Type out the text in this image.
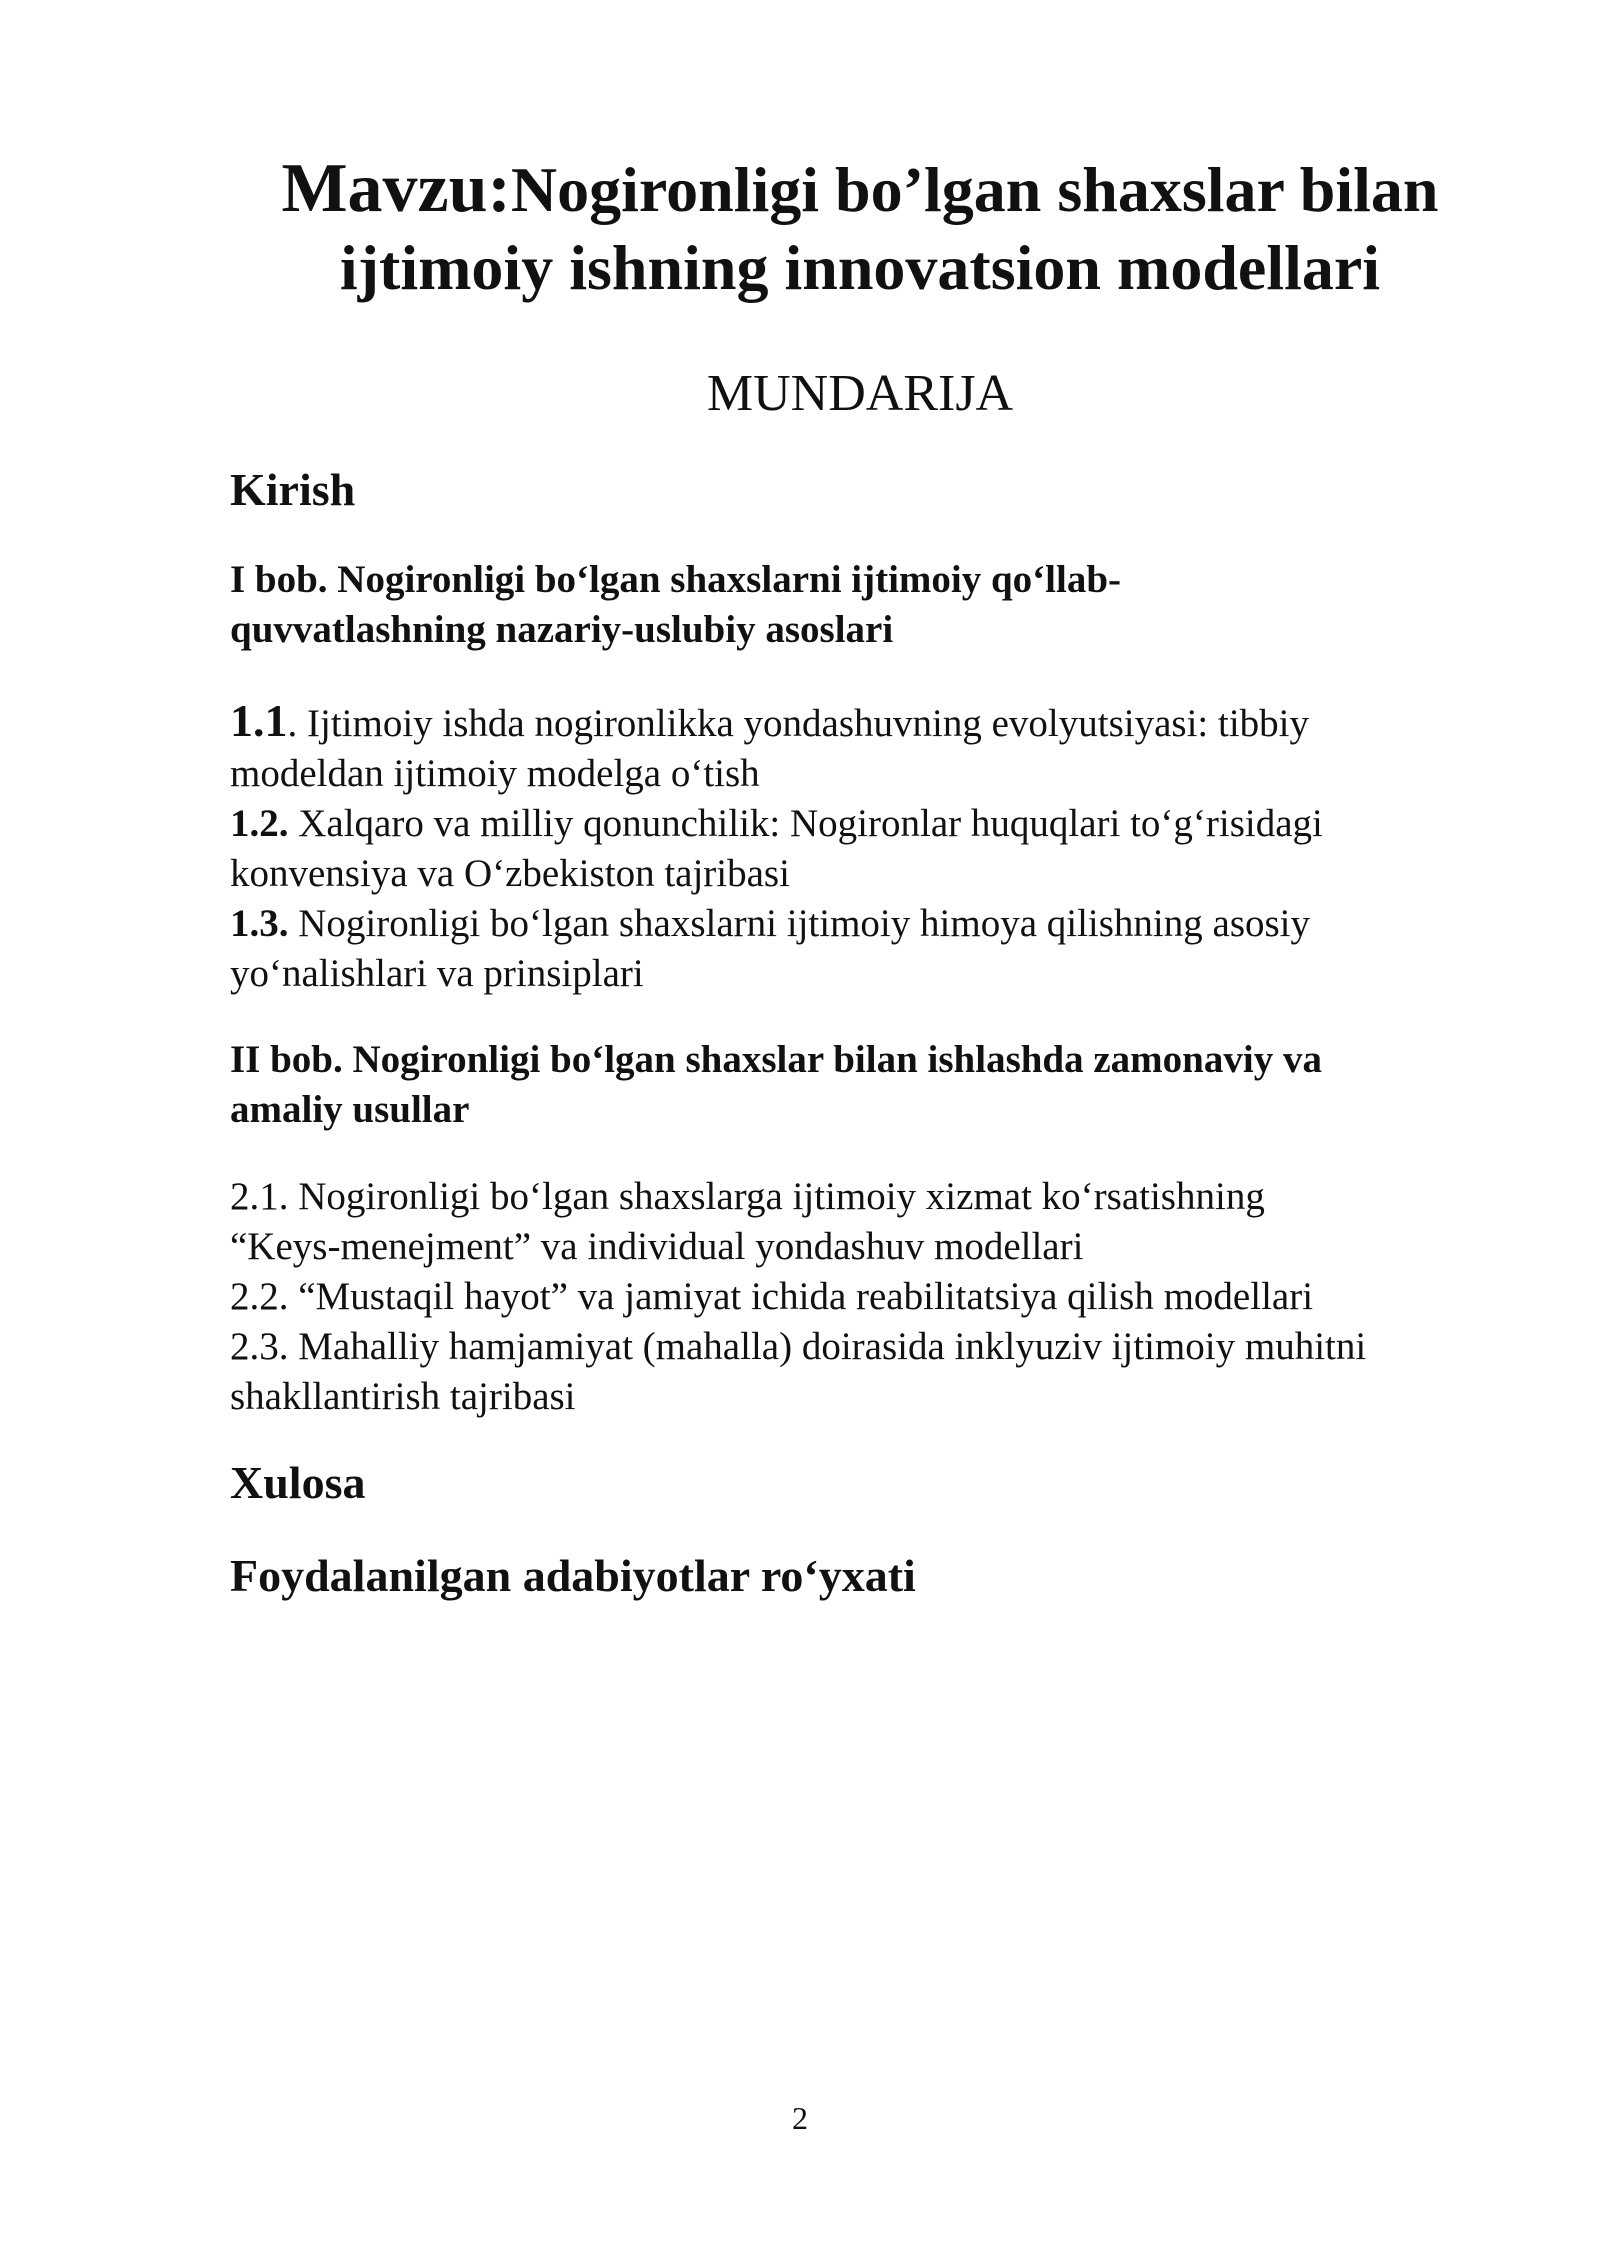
Mavzu:Nogironligi bo’lgan shaxslar bilan
ijtimoiy ishning innovatsion modellari
MUNDARIJA

Kirish

I bob. Nogironligi bo‘lgan shaxslarni ijtimoiy qo‘llab-

quvvatlashning nazariy-uslubiy asoslari

1.1. Ijtimoiy ishda nogironlikka yondashuvning evolyutsiyasi: tibbiy

modeldan ijtimoiy modelga o‘tish

1.2. Xalqaro va milliy qonunchilik: Nogironlar huquqlari to‘g‘risidagi

konvensiya va O‘zbekiston tajribasi

1.3. Nogironligi bo‘lgan shaxslarni ijtimoiy himoya qilishning asosiy

yo‘nalishlari va prinsiplari

II bob. Nogironligi bo‘lgan shaxslar bilan ishlashda zamonaviy va

amaliy usullar

2.1. Nogironligi bo‘lgan shaxslarga ijtimoiy xizmat ko‘rsatishning

“Keys-menejment” va individual yondashuv modellari

2.2. “Mustaqil hayot” va jamiyat ichida reabilitatsiya qilish modellari

2.3. Mahalliy hamjamiyat (mahalla) doirasida inklyuziv ijtimoiy muhitni

shakllantirish tajribasi

Xulosa

Foydalanilgan adabiyotlar ro‘yxati

2
